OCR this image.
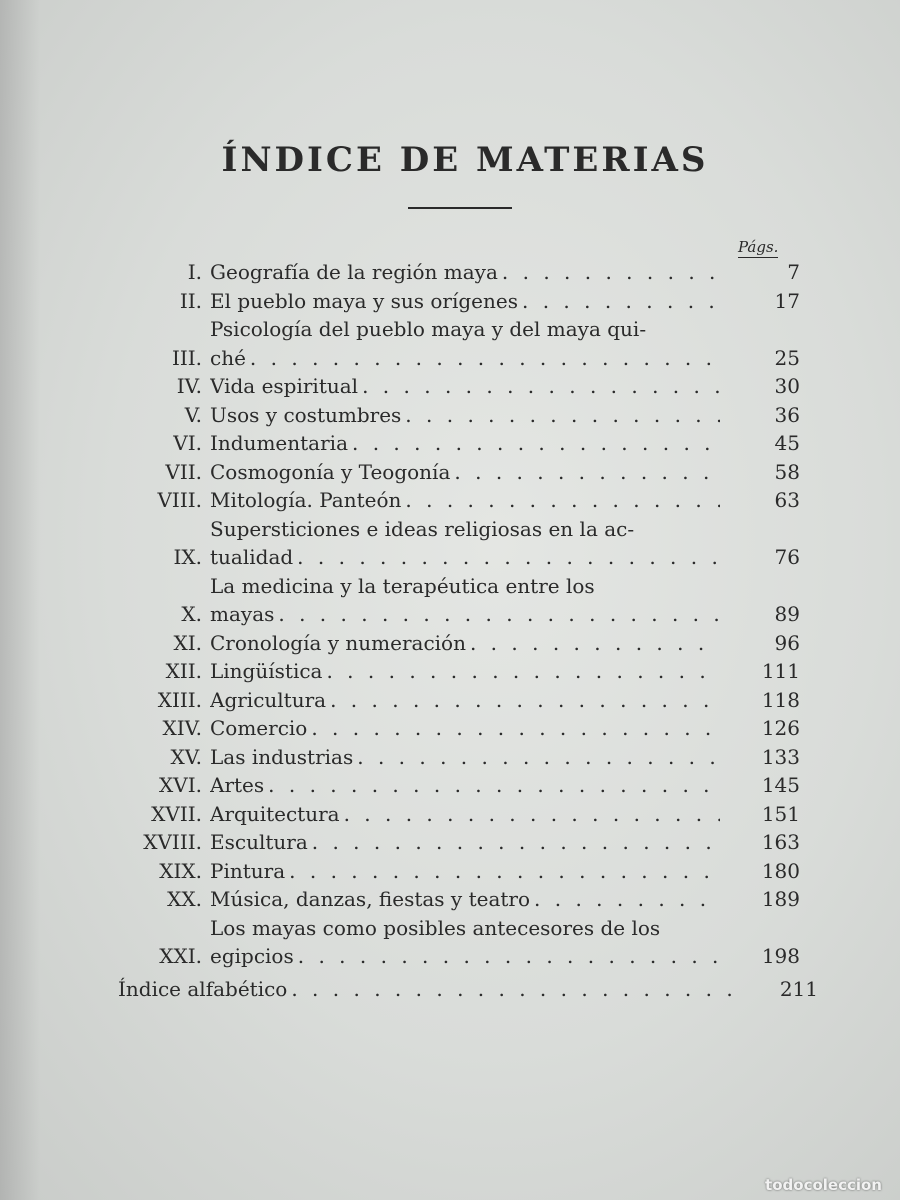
ÍNDICE DE MATERIAS
Págs.
I. Geografía de la región maya . . .	7
II. El pueblo maya y sus orígenes . . .	17
III.
Psicología del pueblo maya y del maya qui-
ché . . .	25
IV. Vida espiritual . . .	30
V. Usos y costumbres . . .	36
VI. Indumentaria . . .	45
VII. Cosmogonía y Teogonía . . .	58
VIII. Mitología. Panteón . . .	63
IX.
Supersticiones e ideas religiosas en la ac-
tualidad . . .	76
X.
La medicina y la terapéutica entre los
mayas . . .	89
XI. Cronología y numeración . . .	96
XII. Lingüística . . .	111
XIII. Agricultura . . .	118
XIV. Comercio . . .	126
XV. Las industrias . . .	133
XVI. Artes . . .	145
XVII. Arquitectura . . .	151
XVIII. Escultura . . .	163
XIX. Pintura . . .	180
XX. Música, danzas, fiestas y teatro . . .	189
XXI.
Los mayas como posibles antecesores de los
egipcios . . .	198
Índice alfabético . . .	211
todocoleccion
